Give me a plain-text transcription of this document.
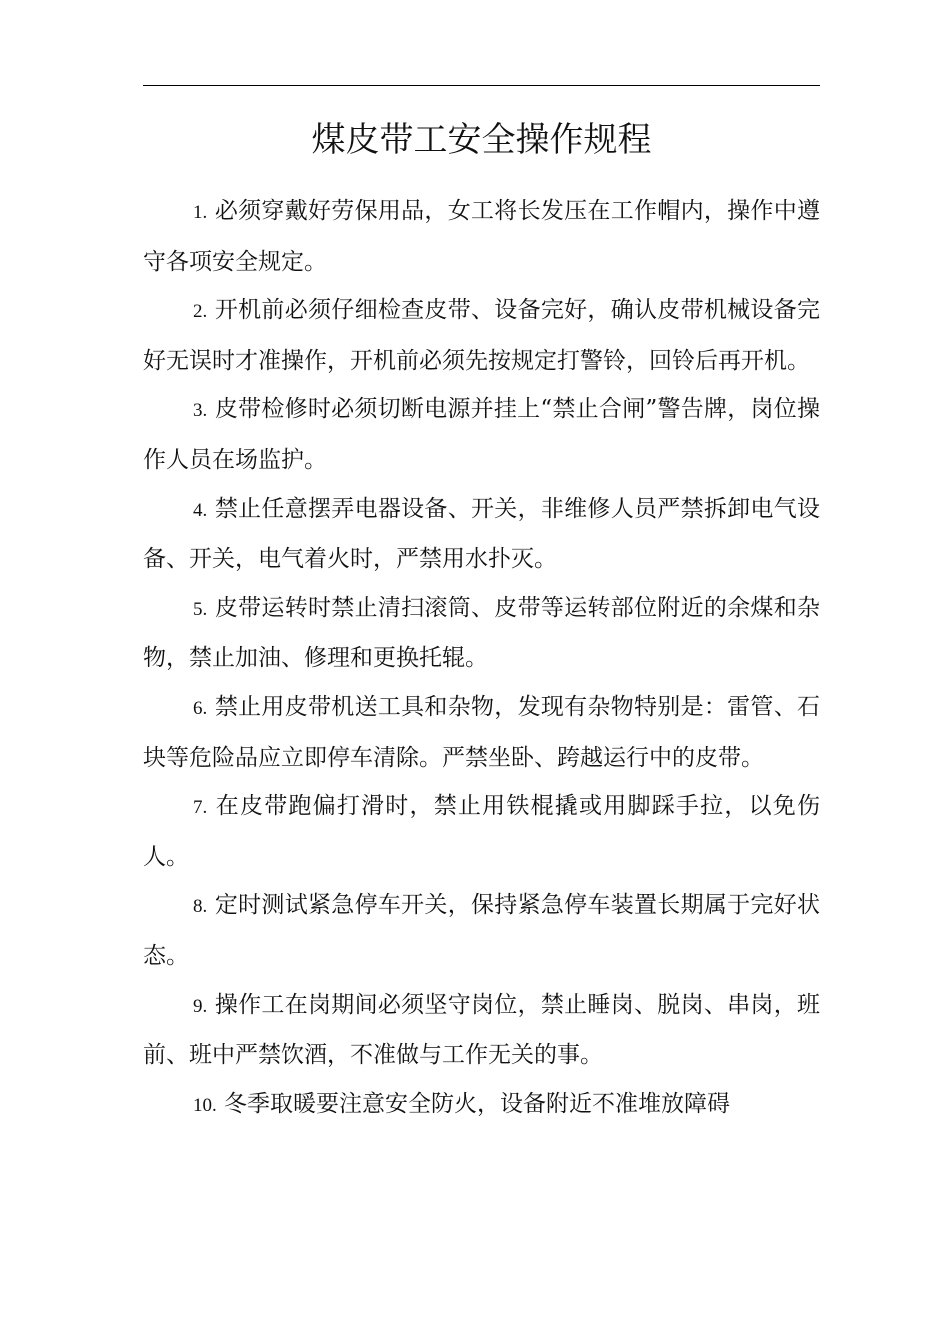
煤皮带工安全操作规程

1. 必须穿戴好劳保用品，女工将长发压在工作帽内，操作中遵守各项安全规定。

2. 开机前必须仔细检查皮带、设备完好，确认皮带机械设备完好无误时才准操作，开机前必须先按规定打警铃，回铃后再开机。

3. 皮带检修时必须切断电源并挂上“禁止合闸”警告牌，岗位操作人员在场监护。

4. 禁止任意摆弄电器设备、开关，非维修人员严禁拆卸电气设备、开关，电气着火时，严禁用水扑灭。

5. 皮带运转时禁止清扫滚筒、皮带等运转部位附近的余煤和杂物，禁止加油、修理和更换托辊。

6. 禁止用皮带机送工具和杂物，发现有杂物特别是：雷管、石块等危险品应立即停车清除。严禁坐卧、跨越运行中的皮带。

7. 在皮带跑偏打滑时，禁止用铁棍撬或用脚踩手拉，以免伤人。

8. 定时测试紧急停车开关，保持紧急停车装置长期属于完好状态。

9. 操作工在岗期间必须坚守岗位，禁止睡岗、脱岗、串岗，班前、班中严禁饮酒，不准做与工作无关的事。

10. 冬季取暖要注意安全防火，设备附近不准堆放障碍
